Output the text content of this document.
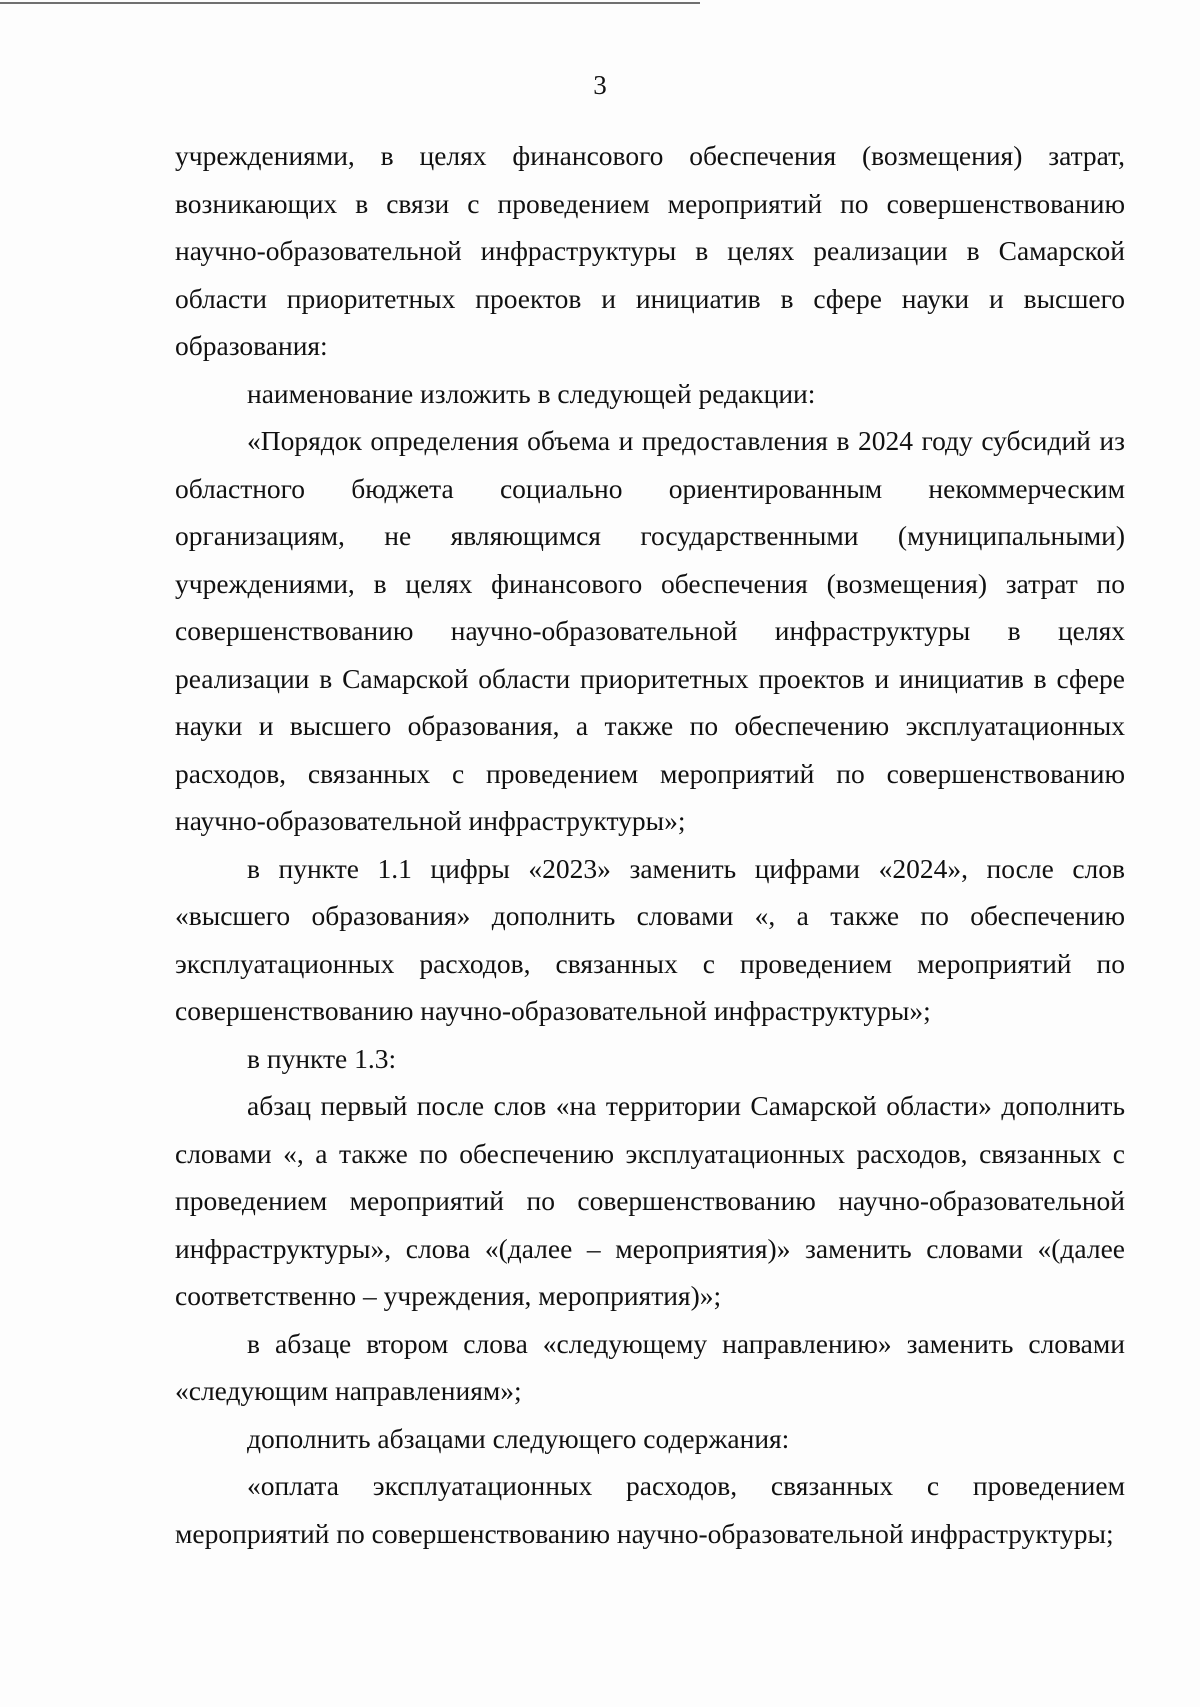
3

учреждениями, в целях финансового обеспечения (возмещения) затрат, возникающих в связи с проведением мероприятий по совершенствованию научно-образовательной инфраструктуры в целях реализации в Самарской области приоритетных проектов и инициатив в сфере науки и высшего образования:

наименование изложить в следующей редакции:

«Порядок определения объема и предоставления в 2024 году субсидий из областного бюджета социально ориентированным некоммерческим организациям, не являющимся государственными (муниципальными) учреждениями, в целях финансового обеспечения (возмещения) затрат по совершенствованию научно-образовательной инфраструктуры в целях реализации в Самарской области приоритетных проектов и инициатив в сфере науки и высшего образования, а также по обеспечению эксплуатационных расходов, связанных с проведением мероприятий по совершенствованию научно-образовательной инфраструктуры»;

в пункте 1.1 цифры «2023» заменить цифрами «2024», после слов «высшего образования» дополнить словами «, а также по обеспечению эксплуатационных расходов, связанных с проведением мероприятий по совершенствованию научно-образовательной инфраструктуры»;

в пункте 1.3:

абзац первый после слов «на территории Самарской области» дополнить словами «, а также по обеспечению эксплуатационных расходов, связанных с проведением мероприятий по совершенствованию научно-образовательной инфраструктуры», слова «(далее – мероприятия)» заменить словами «(далее соответственно – учреждения, мероприятия)»;

в абзаце втором слова «следующему направлению» заменить словами «следующим направлениям»;

дополнить абзацами следующего содержания:

«оплата эксплуатационных расходов, связанных с проведением мероприятий по совершенствованию научно-образовательной инфраструктуры;
